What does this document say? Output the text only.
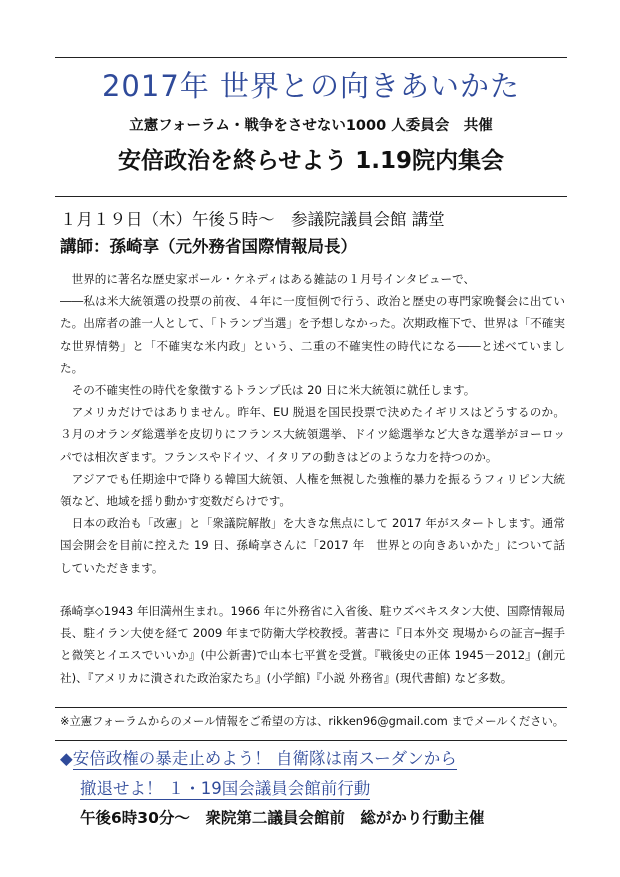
2017年 世界との向きあいかた
立憲フォーラム・戦争をさせない1000 人委員会　共催
安倍政治を終らせよう 1.19院内集会
１月１９日（木）午後５時～　参議院議員会館 講堂
講師：孫崎享（元外務省国際情報局長）

世界的に著名な歴史家ポール・ケネディはある雑誌の１月号インタビューで、

――私は米大統領選の投票の前夜、４年に一度恒例で行う、政治と歴史の専門家晩餐会に出ていた。出席者の誰一人として、「トランプ当選」を予想しなかった。次期政権下で、世界は「不確実な世界情勢」と「不確実な米内政」という、二重の不確実性の時代になる――と述べていました。

その不確実性の時代を象徴するトランプ氏は 20 日に米大統領に就任します。

アメリカだけではありません。昨年、EU 脱退を国民投票で決めたイギリスはどうするのか。３月のオランダ総選挙を皮切りにフランス大統領選挙、ドイツ総選挙など大きな選挙がヨーロッパでは相次ぎます。フランスやドイツ、イタリアの動きはどのような力を持つのか。

アジアでも任期途中で降りる韓国大統領、人権を無視した強権的暴力を振るうフィリピン大統領など、地域を揺り動かす変数だらけです。

日本の政治も「改憲」と「衆議院解散」を大きな焦点にして 2017 年がスタートします。通常国会開会を目前に控えた 19 日、孫崎享さんに「2017 年　世界との向きあいかた」について話していただきます。

孫崎享◇1943 年旧満州生まれ。1966 年に外務省に入省後、駐ウズベキスタン大使、国際情報局長、駐イラン大使を経て 2009 年まで防衛大学校教授。著書に『日本外交 現場からの証言─握手と微笑とイエスでいいか』(中公新書)で山本七平賞を受賞。『戦後史の正体 1945－2012』(創元社)、『アメリカに潰された政治家たち』(小学館)『小説 外務省』(現代書館) など多数。

※立憲フォーラムからのメール情報をご希望の方は、rikken96@gmail.com までメールください。
◆安倍政権の暴走止めよう！ 自衛隊は南スーダンから
撤退せよ！ １・19国会議員会館前行動
午後6時30分～　衆院第二議員会館前　総がかり行動主催
